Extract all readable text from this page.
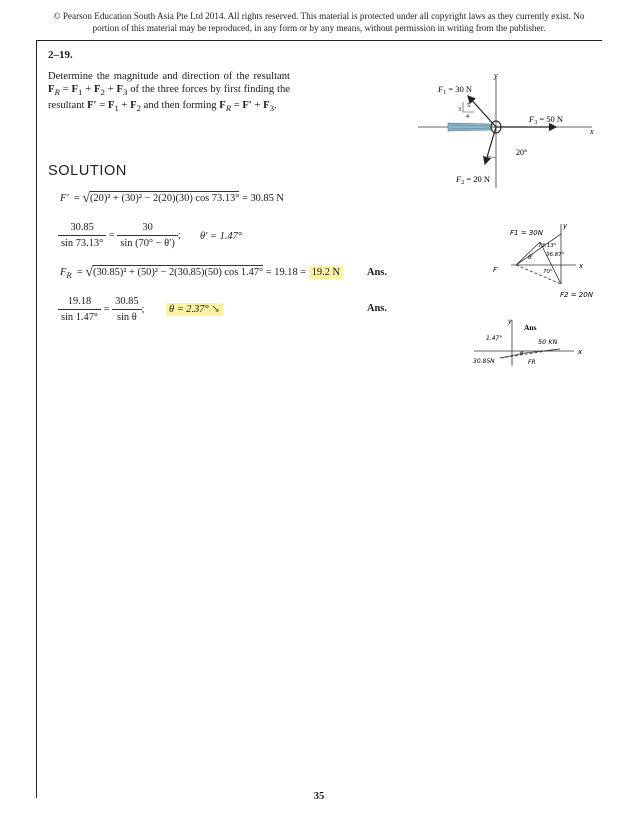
© Pearson Education South Asia Pte Ltd 2014. All rights reserved. This material is protected under all copyright laws as they currently exist. No portion of this material may be reproduced, in any form or by any means, without permission in writing from the publisher.
2–19.
Determine the magnitude and direction of the resultant $F_R = F_1 + F_2 + F_3$ of the three forces by first finding the resultant $F' = F_1 + F_2$ and then forming $F_R = F' + F_3$.
y
x
5
3
4
$F_1 = 30$ N
$F_3 = 50$ N
$F_2 = 20$ N
20°
SOLUTION
F′ = √(20)² + (30)² − 2(20)(30) cos 73.13° = 30.85 N
$\frac{30.85}{\sin 73.13^\circ} = \frac{30}{\sin (70^\circ - \theta')}$ ; θ′ = 1.47°
$F_R = √(30.85)^2 + (50)^2 - 2(30.85)(50)$ cos 1.47° = 19.18 = 19.2 N	Ans.
$\frac{19.18}{\sin 1.47^\circ} = \frac{30.85}{\text{sin θ}}$ ; θ = 2.37° ↘	Ans.
F1 = 30N
73.13°
36.87°
θ′
F′	70°
x
y
F2 = 20N
y
x
1.47°
Ans
50 KN
30.85N	FR
θ
35
